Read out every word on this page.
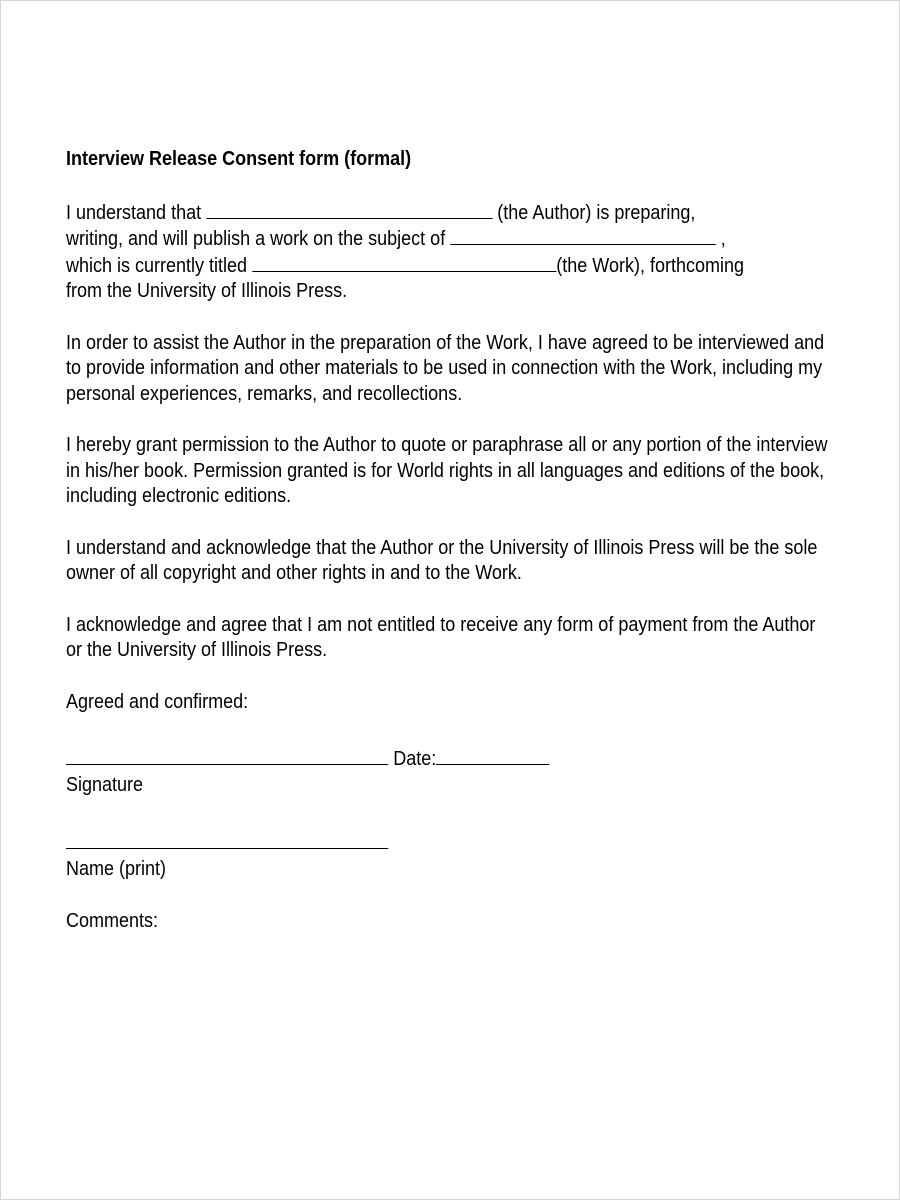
Interview Release Consent form (formal)
I understand that	(the Author) is preparing,
writing, and will publish a work on the subject of	,
which is currently titled	(the Work), forthcoming
from the University of Illinois Press.
In order to assist the Author in the preparation of the Work, I have agreed to be interviewed and to provide information and other materials to be used in connection with the Work, including my personal experiences, remarks, and recollections.
I hereby grant permission to the Author to quote or paraphrase all or any portion of the interview in his/her book. Permission granted is for World rights in all languages and editions of the book, including electronic editions.
I understand and acknowledge that the Author or the University of Illinois Press will be the sole owner of all copyright and other rights in and to the Work.
I acknowledge and agree that I am not entitled to receive any form of payment from the Author or the University of Illinois Press.
Agreed and confirmed:
Date:
Signature
Name (print)
Comments:
